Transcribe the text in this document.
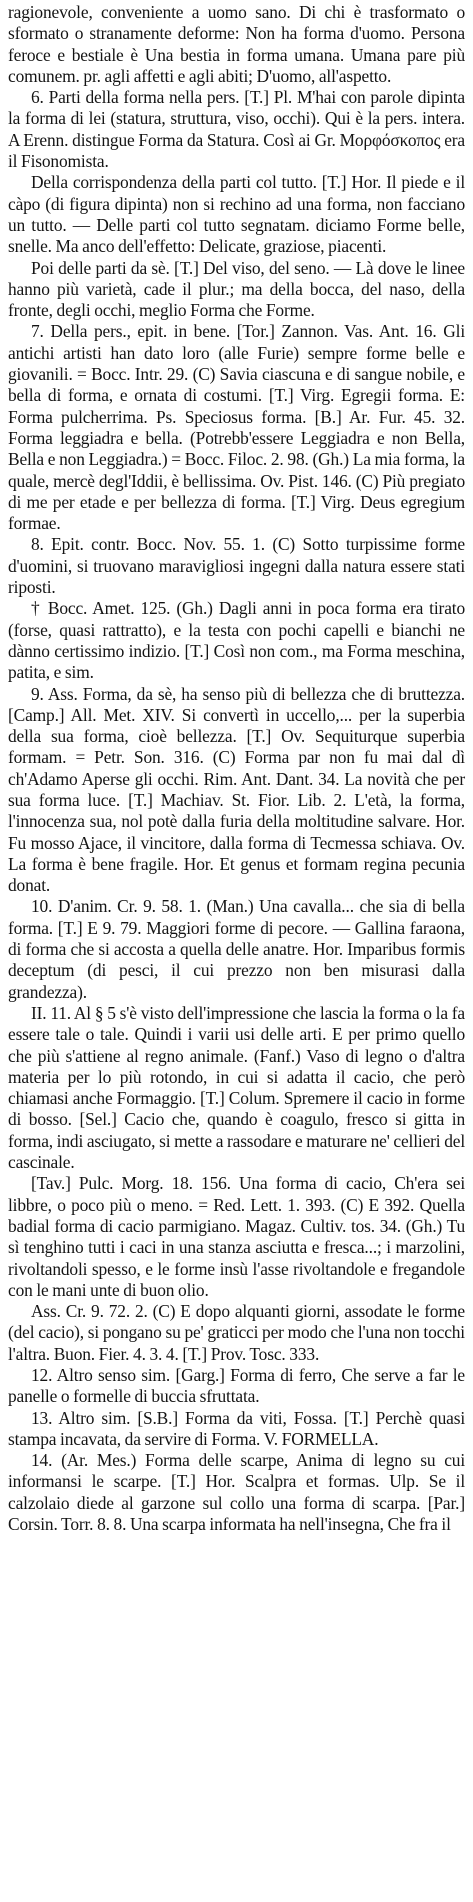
ragionevole, conveniente a uomo sano. Di chi è trasformato o sformato o stranamente deforme: Non ha forma d'uomo. Persona feroce e bestiale è Una bestia in forma umana. Umana pare più comunem. pr. agli affetti e agli abiti; D'uomo, all'aspetto.

6. Parti della forma nella pers. [T.] Pl. M'hai con parole dipinta la forma di lei (statura, struttura, viso, occhi). Qui è la pers. intera. A Erenn. distingue Forma da Statura. Così ai Gr. Μορφόσκοπος era il Fisonomista.

Della corrispondenza della parti col tutto. [T.] Hor. Il piede e il càpo (di figura dipinta) non si rechino ad una forma, non facciano un tutto. — Delle parti col tutto segnatam. diciamo Forme belle, snelle. Ma anco dell'effetto: Delicate, graziose, piacenti.

Poi delle parti da sè. [T.] Del viso, del seno. — Là dove le linee hanno più varietà, cade il plur.; ma della bocca, del naso, della fronte, degli occhi, meglio Forma che Forme.

7. Della pers., epit. in bene. [Tor.] Zannon. Vas. Ant. 16. Gli antichi artisti han dato loro (alle Furie) sempre forme belle e giovanili. = Bocc. Intr. 29. (C) Savia ciascuna e di sangue nobile, e bella di forma, e ornata di costumi. [T.] Virg. Egregii forma. E: Forma pulcherrima. Ps. Speciosus forma. [B.] Ar. Fur. 45. 32. Forma leggiadra e bella. (Potrebb'essere Leggiadra e non Bella, Bella e non Leggiadra.) = Bocc. Filoc. 2. 98. (Gh.) La mia forma, la quale, mercè degl'Iddii, è bellissima. Ov. Pist. 146. (C) Più pregiato di me per etade e per bellezza di forma. [T.] Virg. Deus egregium formae.

8. Epit. contr. Bocc. Nov. 55. 1. (C) Sotto turpissime forme d'uomini, si truovano maravigliosi ingegni dalla natura essere stati riposti.

† Bocc. Amet. 125. (Gh.) Dagli anni in poca forma era tirato (forse, quasi rattratto), e la testa con pochi capelli e bianchi ne dànno certissimo indizio. [T.] Così non com., ma Forma meschina, patita, e sim.

9. Ass. Forma, da sè, ha senso più di bellezza che di bruttezza. [Camp.] All. Met. XIV. Si convertì in uccello,... per la superbia della sua forma, cioè bellezza. [T.] Ov. Sequiturque superbia formam. = Petr. Son. 316. (C) Forma par non fu mai dal dì ch'Adamo Aperse gli occhi. Rim. Ant. Dant. 34. La novità che per sua forma luce. [T.] Machiav. St. Fior. Lib. 2. L'età, la forma, l'innocenza sua, nol potè dalla furia della moltitudine salvare. Hor. Fu mosso Ajace, il vincitore, dalla forma di Tecmessa schiava. Ov. La forma è bene fragile. Hor. Et genus et formam regina pecunia donat.

10. D'anim. Cr. 9. 58. 1. (Man.) Una cavalla... che sia di bella forma. [T.] E 9. 79. Maggiori forme di pecore. — Gallina faraona, di forma che si accosta a quella delle anatre. Hor. Imparibus formis deceptum (di pesci, il cui prezzo non ben misurasi dalla grandezza).

II. 11. Al § 5 s'è visto dell'impressione che lascia la forma o la fa essere tale o tale. Quindi i varii usi delle arti. E per primo quello che più s'attiene al regno animale. (Fanf.) Vaso di legno o d'altra materia per lo più rotondo, in cui si adatta il cacio, che però chiamasi anche Formaggio. [T.] Colum. Spremere il cacio in forme di bosso. [Sel.] Cacio che, quando è coagulo, fresco si gitta in forma, indi asciugato, si mette a rassodare e maturare ne' cellieri del cascinale.

[Tav.] Pulc. Morg. 18. 156. Una forma di cacio, Ch'era sei libbre, o poco più o meno. = Red. Lett. 1. 393. (C) E 392. Quella badial forma di cacio parmigiano. Magaz. Cultiv. tos. 34. (Gh.) Tu sì tenghino tutti i caci in una stanza asciutta e fresca...; i marzolini, rivoltandoli spesso, e le forme insù l'asse rivoltandole e fregandole con le mani unte di buon olio.

Ass. Cr. 9. 72. 2. (C) E dopo alquanti giorni, assodate le forme (del cacio), si pongano su pe' graticci per modo che l'una non tocchi l'altra. Buon. Fier. 4. 3. 4. [T.] Prov. Tosc. 333.

12. Altro senso sim. [Garg.] Forma di ferro, Che serve a far le panelle o formelle di buccia sfruttata.

13. Altro sim. [S.B.] Forma da viti, Fossa. [T.] Perchè quasi stampa incavata, da servire di Forma. V. FORMELLA.

14. (Ar. Mes.) Forma delle scarpe, Anima di legno su cui informansi le scarpe. [T.] Hor. Scalpra et formas. Ulp. Se il calzolaio diede al garzone sul collo una forma di scarpa. [Par.] Corsin. Torr. 8. 8. Una scarpa informata ha nell'insegna, Che fra il
